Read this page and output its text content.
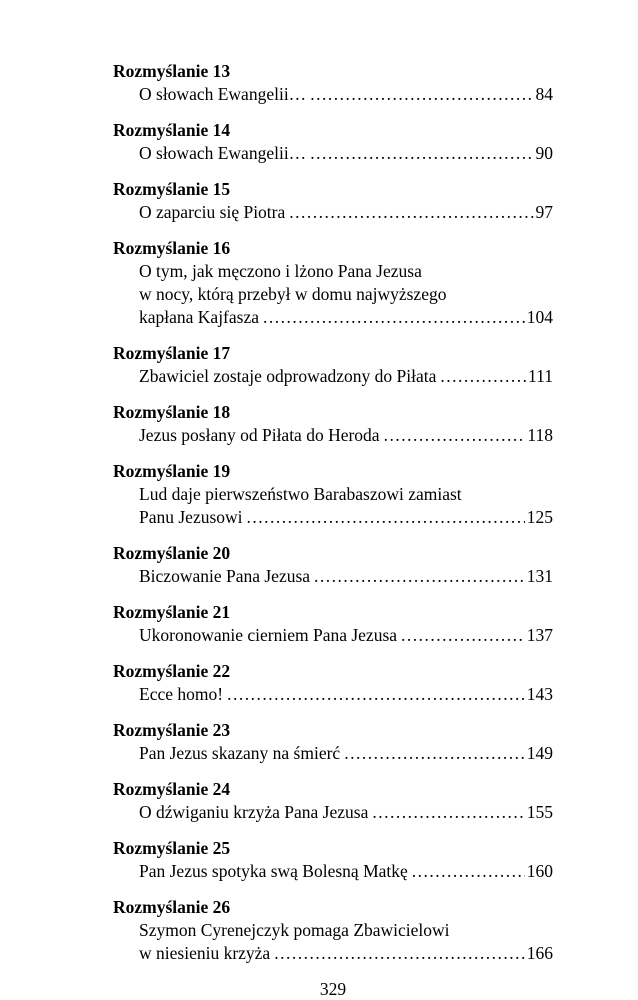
Rozmyślanie 13
O słowach Ewangelii… .....	84
Rozmyślanie 14
O słowach Ewangelii… .....	90
Rozmyślanie 15
O zaparciu się Piotra .....	97
Rozmyślanie 16
O tym, jak męczono i lżono Pana Jezusa
w nocy, którą przebył w domu najwyższego
kapłana Kajfasza .....	104
Rozmyślanie 17
Zbawiciel zostaje odprowadzony do Piłata .....	111
Rozmyślanie 18
Jezus posłany od Piłata do Heroda .....	118
Rozmyślanie 19
Lud daje pierwszeństwo Barabaszowi zamiast
Panu Jezusowi .....	125
Rozmyślanie 20
Biczowanie Pana Jezusa .....	131
Rozmyślanie 21
Ukoronowanie cierniem Pana Jezusa .....	137
Rozmyślanie 22
Ecce homo! .....	143
Rozmyślanie 23
Pan Jezus skazany na śmierć .....	149
Rozmyślanie 24
O dźwiganiu krzyża Pana Jezusa .....	155
Rozmyślanie 25
Pan Jezus spotyka swą Bolesną Matkę .....	160
Rozmyślanie 26
Szymon Cyrenejczyk pomaga Zbawicielowi
w niesieniu krzyża .....	166
329
